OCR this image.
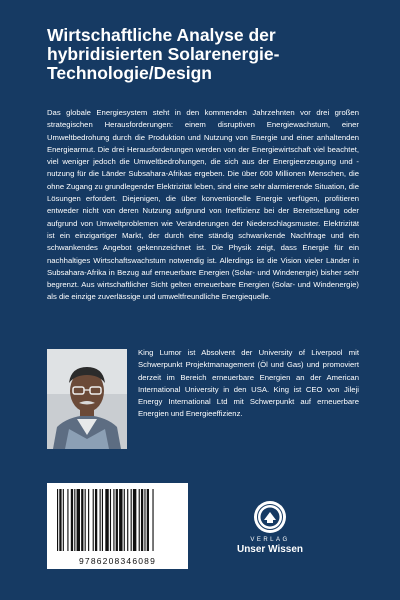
Wirtschaftliche Analyse der
hybridisierten Solarenergie-
Technologie/Design

Das globale Energiesystem steht in den kommenden Jahrzehnten vor drei großen strategischen Herausforderungen: einem disruptiven Energiewachstum, einer Umweltbedrohung durch die Produktion und Nutzung von Energie und einer anhaltenden Energiearmut. Die drei Herausforderungen werden von der Energiewirtschaft viel beachtet, viel weniger jedoch die Umweltbedrohungen, die sich aus der Energieerzeugung und -nutzung für die Länder Subsahara-Afrikas ergeben. Die über 600 Millionen Menschen, die ohne Zugang zu grundlegender Elektrizität leben, sind eine sehr alarmierende Situation, die Lösungen erfordert. Diejenigen, die über konventionelle Energie verfügen, profitieren entweder nicht von deren Nutzung aufgrund von Ineffizienz bei der Bereitstellung oder aufgrund von Umweltproblemen wie Veränderungen der Niederschlagsmuster. Elektrizität ist ein einzigartiger Markt, der durch eine ständig schwankende Nachfrage und ein schwankendes Angebot gekennzeichnet ist. Die Physik zeigt, dass Energie für ein nachhaltiges Wirtschaftswachstum notwendig ist. Allerdings ist die Vision vieler Länder in Subsahara-Afrika in Bezug auf erneuerbare Energien (Solar- und Windenergie) bisher sehr begrenzt. Aus wirtschaftlicher Sicht gelten erneuerbare Energien (Solar- und Windenergie) als die einzige zuverlässige und umweltfreundliche Energiequelle.

King Lumor ist Absolvent der University of Liverpool mit Schwerpunkt Projektmanagement (Öl und Gas) und promoviert derzeit im Bereich erneuerbare Energien an der American International University in den USA. King ist CEO von Jileji Energy International Ltd mit Schwerpunkt auf erneuerbare Energien und Energieeffizienz.

9786208346089
VERLAG
Unser Wissen
